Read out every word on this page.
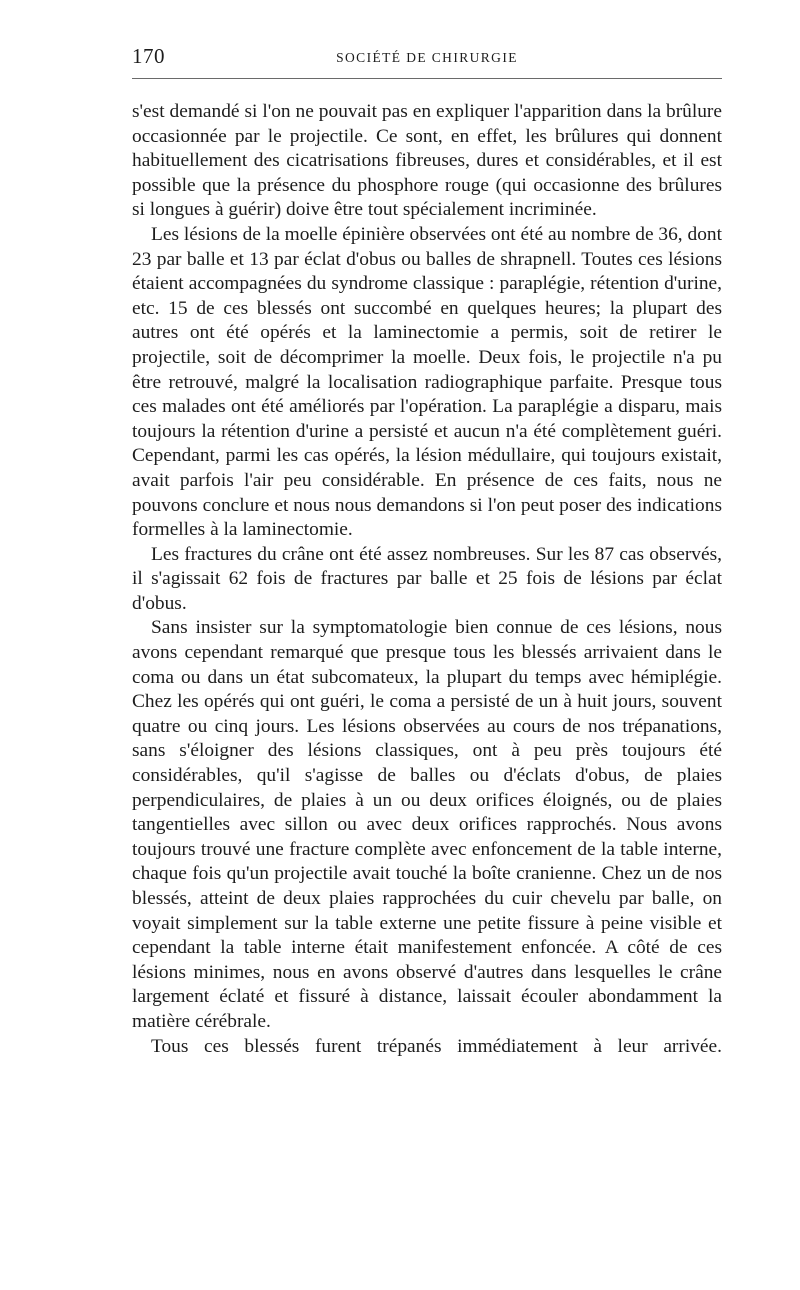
170	SOCIÉTÉ DE CHIRURGIE

s'est demandé si l'on ne pouvait pas en expliquer l'apparition dans la brûlure occasionnée par le projectile. Ce sont, en effet, les brûlures qui donnent habituellement des cicatrisations fibreuses, dures et considérables, et il est possible que la présence du phosphore rouge (qui occasionne des brûlures si longues à guérir) doive être tout spécialement incriminée.

Les lésions de la moelle épinière observées ont été au nombre de 36, dont 23 par balle et 13 par éclat d'obus ou balles de shrapnell. Toutes ces lésions étaient accompagnées du syndrome classique : paraplégie, rétention d'urine, etc. 15 de ces blessés ont succombé en quelques heures; la plupart des autres ont été opérés et la laminectomie a permis, soit de retirer le projectile, soit de décomprimer la moelle. Deux fois, le projectile n'a pu être retrouvé, malgré la localisation radiographique parfaite. Presque tous ces malades ont été améliorés par l'opération. La paraplégie a disparu, mais toujours la rétention d'urine a persisté et aucun n'a été complètement guéri. Cependant, parmi les cas opérés, la lésion médullaire, qui toujours existait, avait parfois l'air peu considérable. En présence de ces faits, nous ne pouvons conclure et nous nous demandons si l'on peut poser des indications formelles à la laminectomie.

Les fractures du crâne ont été assez nombreuses. Sur les 87 cas observés, il s'agissait 62 fois de fractures par balle et 25 fois de lésions par éclat d'obus.

Sans insister sur la symptomatologie bien connue de ces lésions, nous avons cependant remarqué que presque tous les blessés arrivaient dans le coma ou dans un état subcomateux, la plupart du temps avec hémiplégie. Chez les opérés qui ont guéri, le coma a persisté de un à huit jours, souvent quatre ou cinq jours. Les lésions observées au cours de nos trépanations, sans s'éloigner des lésions classiques, ont à peu près toujours été considérables, qu'il s'agisse de balles ou d'éclats d'obus, de plaies perpendiculaires, de plaies à un ou deux orifices éloignés, ou de plaies tangentielles avec sillon ou avec deux orifices rapprochés. Nous avons toujours trouvé une fracture complète avec enfoncement de la table interne, chaque fois qu'un projectile avait touché la boîte cranienne. Chez un de nos blessés, atteint de deux plaies rapprochées du cuir chevelu par balle, on voyait simplement sur la table externe une petite fissure à peine visible et cependant la table interne était manifestement enfoncée. A côté de ces lésions minimes, nous en avons observé d'autres dans lesquelles le crâne largement éclaté et fissuré à distance, laissait écouler abondamment la matière cérébrale.

Tous ces blessés furent trépanés immédiatement à leur arrivée.
